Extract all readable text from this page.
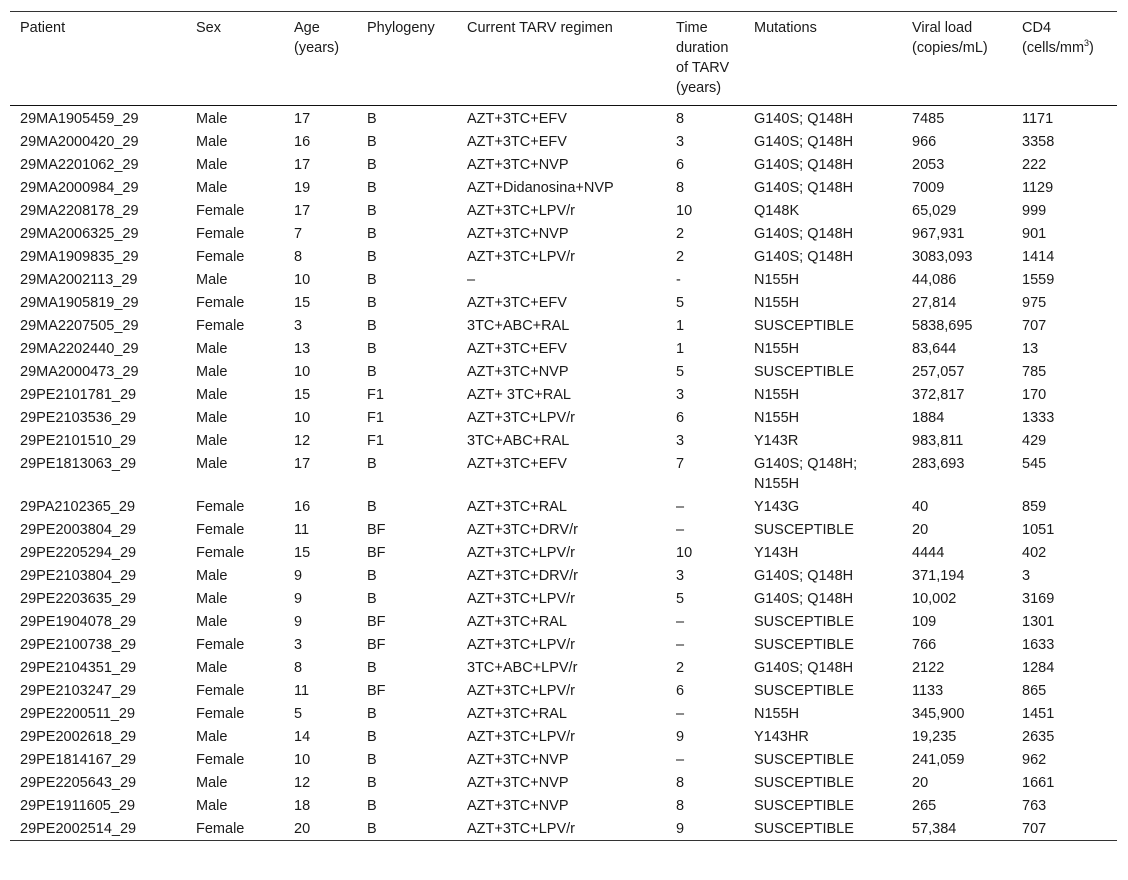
Patient	Sex	Age (years)	Phylogeny	Current TARV regimen	Time duration of TARV (years)	Mutations	Viral load (copies/mL)	CD4 $(cells/mm^3)$
29MA1905459_29	Male	17	B	AZT+3TC+EFV	8	G140S; Q148H	7485	1171
29MA2000420_29	Male	16	B	AZT+3TC+EFV	3	G140S; Q148H	966	3358
29MA2201062_29	Male	17	B	AZT+3TC+NVP	6	G140S; Q148H	2053	222
29MA2000984_29	Male	19	B	AZT+Didanosina+NVP	8	G140S; Q148H	7009	1129
29MA2208178_29	Female	17	B	AZT+3TC+LPV/r	10	Q148K	65,029	999
29MA2006325_29	Female	7	B	AZT+3TC+NVP	2	G140S; Q148H	967,931	901
29MA1909835_29	Female	8	B	AZT+3TC+LPV/r	2	G140S; Q148H	3083,093	1414
29MA2002113_29	Male	10	B	–	-	N155H	44,086	1559
29MA1905819_29	Female	15	B	AZT+3TC+EFV	5	N155H	27,814	975
29MA2207505_29	Female	3	B	3TC+ABC+RAL	1	SUSCEPTIBLE	5838,695	707
29MA2202440_29	Male	13	B	AZT+3TC+EFV	1	N155H	83,644	13
29MA2000473_29	Male	10	B	AZT+3TC+NVP	5	SUSCEPTIBLE	257,057	785
29PE2101781_29	Male	15	F1	AZT+ 3TC+RAL	3	N155H	372,817	170
29PE2103536_29	Male	10	F1	AZT+3TC+LPV/r	6	N155H	1884	1333
29PE2101510_29	Male	12	F1	3TC+ABC+RAL	3	Y143R	983,811	429
29PE1813063_29	Male	17	B	AZT+3TC+EFV	7	G140S; Q148H; N155H	283,693	545
29PA2102365_29	Female	16	B	AZT+3TC+RAL	–	Y143G	40	859
29PE2003804_29	Female	11	BF	AZT+3TC+DRV/r	–	SUSCEPTIBLE	20	1051
29PE2205294_29	Female	15	BF	AZT+3TC+LPV/r	10	Y143H	4444	402
29PE2103804_29	Male	9	B	AZT+3TC+DRV/r	3	G140S; Q148H	371,194	3
29PE2203635_29	Male	9	B	AZT+3TC+LPV/r	5	G140S; Q148H	10,002	3169
29PE1904078_29	Male	9	BF	AZT+3TC+RAL	–	SUSCEPTIBLE	109	1301
29PE2100738_29	Female	3	BF	AZT+3TC+LPV/r	–	SUSCEPTIBLE	766	1633
29PE2104351_29	Male	8	B	3TC+ABC+LPV/r	2	G140S; Q148H	2122	1284
29PE2103247_29	Female	11	BF	AZT+3TC+LPV/r	6	SUSCEPTIBLE	1133	865
29PE2200511_29	Female	5	B	AZT+3TC+RAL	–	N155H	345,900	1451
29PE2002618_29	Male	14	B	AZT+3TC+LPV/r	9	Y143HR	19,235	2635
29PE1814167_29	Female	10	B	AZT+3TC+NVP	–	SUSCEPTIBLE	241,059	962
29PE2205643_29	Male	12	B	AZT+3TC+NVP	8	SUSCEPTIBLE	20	1661
29PE1911605_29	Male	18	B	AZT+3TC+NVP	8	SUSCEPTIBLE	265	763
29PE2002514_29	Female	20	B	AZT+3TC+LPV/r	9	SUSCEPTIBLE	57,384	707
